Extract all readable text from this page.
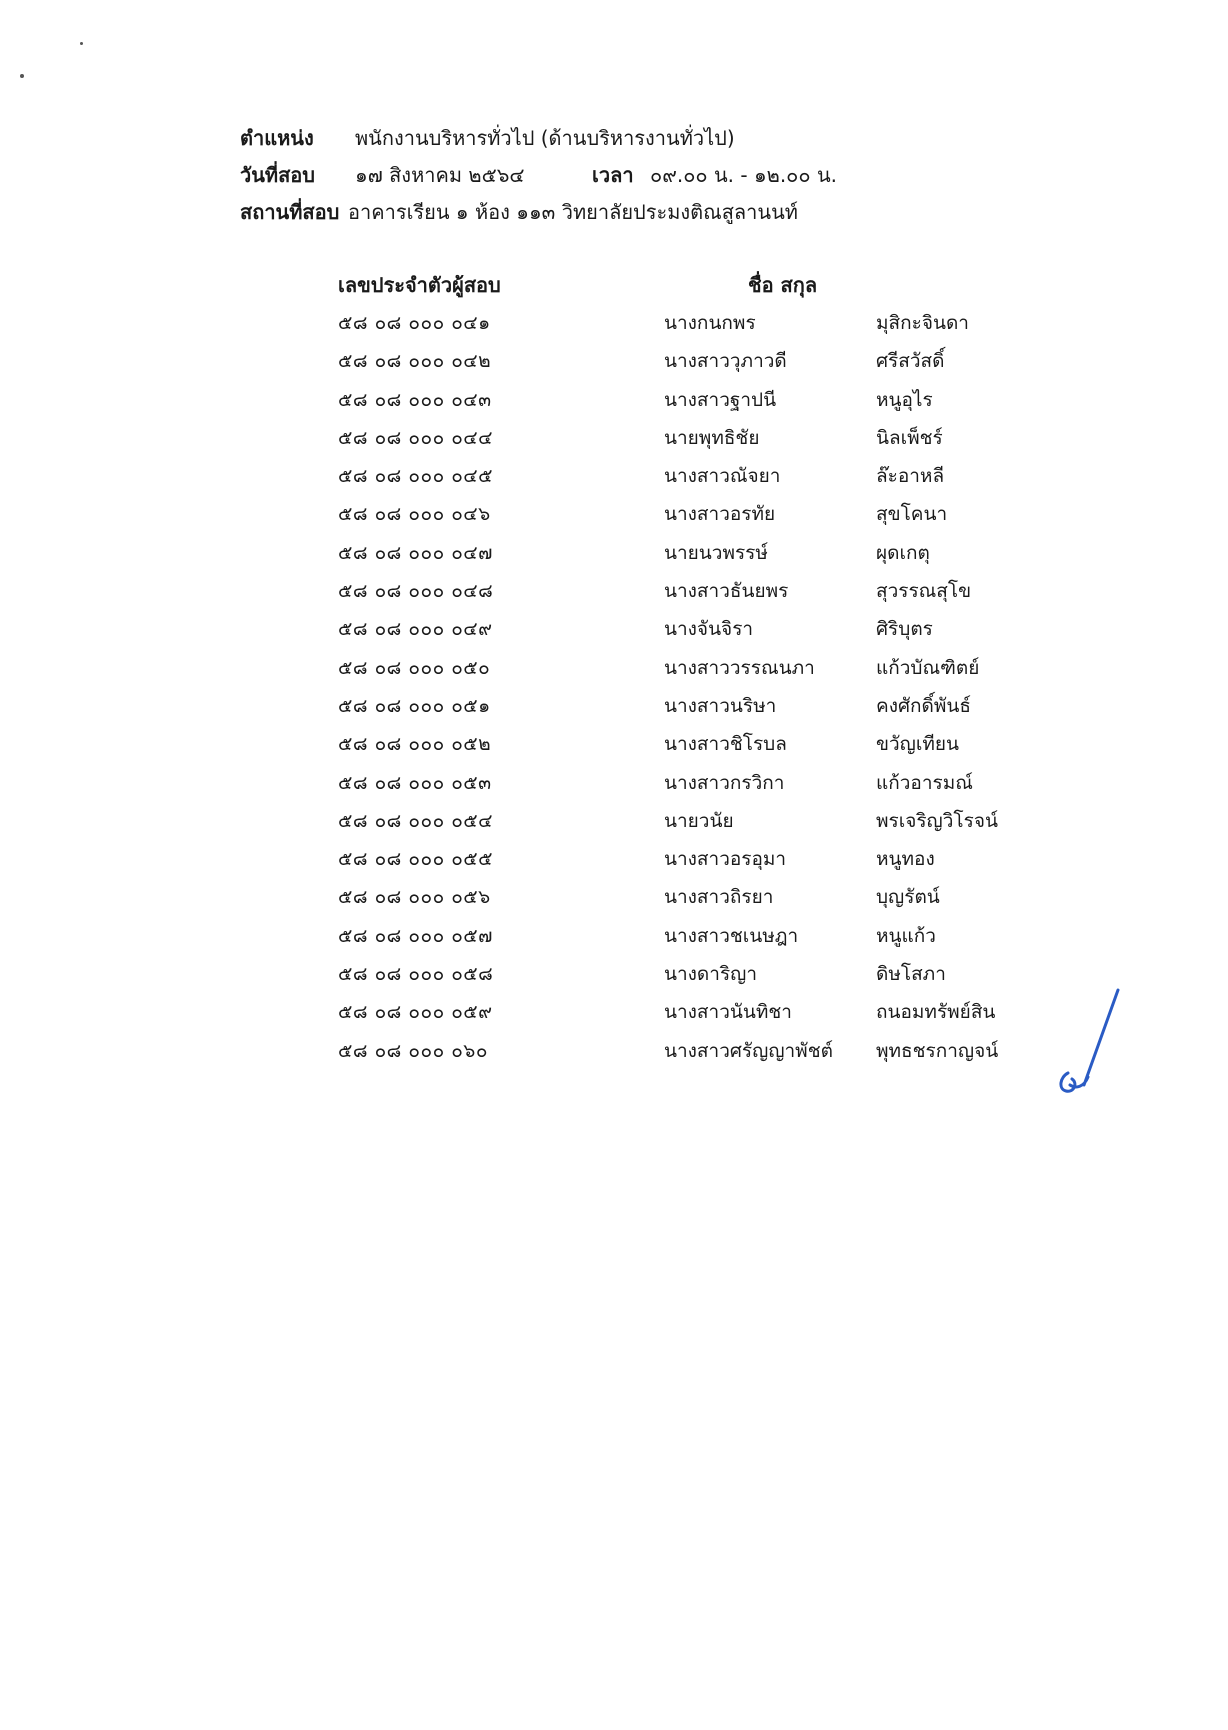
ตำแหน่ง พนักงานบริหารทั่วไป (ด้านบริหารงานทั่วไป)
วันที่สอบ ๑๗ สิงหาคม ๒๕๖๔	เวลา ๐๙.๐๐ น. - ๑๒.๐๐ น.
สถานที่สอบ อาคารเรียน ๑ ห้อง ๑๑๓ วิทยาลัยประมงติณสูลานนท์
เลขประจำตัวผู้สอบ	ชื่อ สกุล
๕๘ ๐๘ ๐๐๐ ๐๔๑	นางกนกพร	มุสิกะจินดา
๕๘ ๐๘ ๐๐๐ ๐๔๒	นางสาววุภาวดี	ศรีสวัสดิ์
๕๘ ๐๘ ๐๐๐ ๐๔๓	นางสาวฐาปนี	หนูอุไร
๕๘ ๐๘ ๐๐๐ ๐๔๔	นายพุทธิชัย	นิลเพ็ชร์
๕๘ ๐๘ ๐๐๐ ๐๔๕	นางสาวณัจยา	ล๊ะอาหลี
๕๘ ๐๘ ๐๐๐ ๐๔๖	นางสาวอรทัย	สุขโคนา
๕๘ ๐๘ ๐๐๐ ๐๔๗	นายนวพรรษ์	ผุดเกตุ
๕๘ ๐๘ ๐๐๐ ๐๔๘	นางสาวธันยพร	สุวรรณสุโข
๕๘ ๐๘ ๐๐๐ ๐๔๙	นางจันจิรา	ศิริบุตร
๕๘ ๐๘ ๐๐๐ ๐๕๐	นางสาววรรณนภา	แก้วบัณฑิตย์
๕๘ ๐๘ ๐๐๐ ๐๕๑	นางสาวนริษา	คงศักดิ์พันธ์
๕๘ ๐๘ ๐๐๐ ๐๕๒	นางสาวชิโรบล	ขวัญเทียน
๕๘ ๐๘ ๐๐๐ ๐๕๓	นางสาวกรวิกา	แก้วอารมณ์
๕๘ ๐๘ ๐๐๐ ๐๕๔	นายวนัย	พรเจริญวิโรจน์
๕๘ ๐๘ ๐๐๐ ๐๕๕	นางสาวอรอุมา	หนูทอง
๕๘ ๐๘ ๐๐๐ ๐๕๖	นางสาวถิรยา	บุญรัตน์
๕๘ ๐๘ ๐๐๐ ๐๕๗	นางสาวชเนษฎา	หนูแก้ว
๕๘ ๐๘ ๐๐๐ ๐๕๘	นางดาริญา	ดิษโสภา
๕๘ ๐๘ ๐๐๐ ๐๕๙	นางสาวนันทิชา	ถนอมทรัพย์สิน
๕๘ ๐๘ ๐๐๐ ๐๖๐	นางสาวศรัญญาพัชต์ พุทธชรกาญจน์
